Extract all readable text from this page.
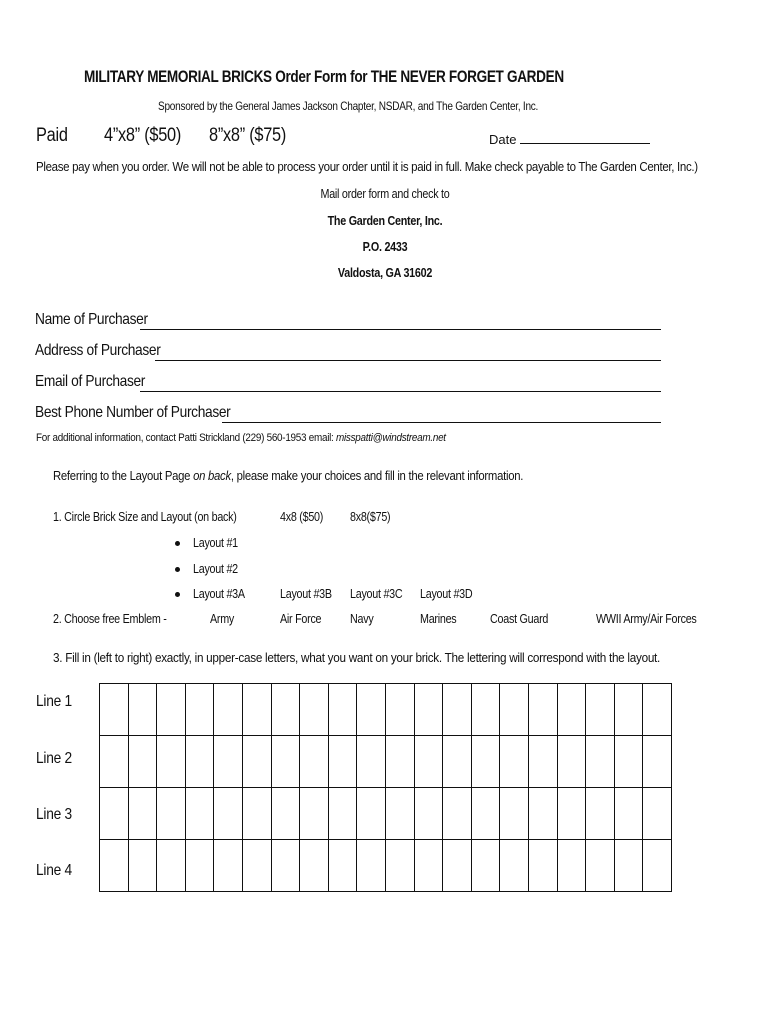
MILITARY MEMORIAL BRICKS Order Form for THE NEVER FORGET GARDEN
Sponsored by the General James Jackson Chapter, NSDAR, and The Garden Center, Inc.
Paid 4”x8” ($50) 8”x8” ($75)	Date
Please pay when you order. We will not be able to process your order until it is paid in full. Make check payable to The Garden Center, Inc.)
Mail order form and check to
The Garden Center, Inc.
P.O. 2433
Valdosta, GA 31602
Name of Purchaser
Address of Purchaser
Email of Purchaser
Best Phone Number of Purchaser
For additional information, contact Patti Strickland (229) 560-1953 email: misspatti@windstream.net
Referring to the Layout Page on back, please make your choices and fill in the relevant information.
1. Circle Brick Size and Layout (on back)	4x8 ($50) 8x8($75)
Layout #1
Layout #2
Layout #3A	Layout #3B Layout #3C Layout #3D
2. Choose free Emblem -	Army	Air Force Navy	Marines	Coast Guard	WWII Army/Air Forces
3. Fill in (left to right) exactly, in upper-case letters, what you want on your brick. The lettering will correspond with the layout.
Line 1
Line 2
Line 3
Line 4
